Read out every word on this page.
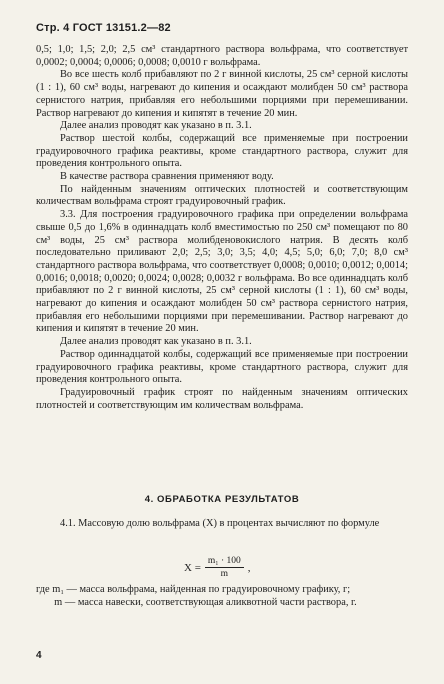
Стр. 4 ГОСТ 13151.2—82

0,5; 1,0; 1,5; 2,0; 2,5 см³ стандартного раствора вольфрама, что соответствует 0,0002; 0,0004; 0,0006; 0,0008; 0,0010 г вольфрама.

Во все шесть колб прибавляют по 2 г винной кислоты, 25 см³ серной кислоты (1 : 1), 60 см³ воды, нагревают до кипения и осаждают молибден 50 см³ раствора сернистого натрия, прибавляя его небольшими порциями при перемешивании. Раствор нагревают до кипения и кипятят в течение 20 мин.

Далее анализ проводят как указано в п. 3.1.

Раствор шестой колбы, содержащий все применяемые при построении градуировочного графика реактивы, кроме стандартного раствора, служит для проведения контрольного опыта.

В качестве раствора сравнения применяют воду.

По найденным значениям оптических плотностей и соответствующим количествам вольфрама строят градуировочный график.

3.3. Для построения градуировочного графика при определении вольфрама свыше 0,5 до 1,6% в одиннадцать колб вместимостью по 250 см³ помещают по 80 см³ воды, 25 см³ раствора молибденовокислого натрия. В десять колб последовательно приливают 2,0; 2,5; 3,0; 3,5; 4,0; 4,5; 5,0; 6,0; 7,0; 8,0 см³ стандартного раствора вольфрама, что соответствует 0,0008; 0,0010; 0,0012; 0,0014; 0,0016; 0,0018; 0,0020; 0,0024; 0,0028; 0,0032 г вольфрама. Во все одиннадцать колб прибавляют по 2 г винной кислоты, 25 см³ серной кислоты (1 : 1), 60 см³ воды, нагревают до кипения и осаждают молибден 50 см³ раствора сернистого натрия, прибавляя его небольшими порциями при перемешивании. Раствор нагревают до кипения и кипятят в течение 20 мин.

Далее анализ проводят как указано в п. 3.1.

Раствор одиннадцатой колбы, содержащий все применяемые при построении градуировочного графика реактивы, кроме стандартного раствора, служит для проведения контрольного опыта.

Градуировочный график строят по найденным значениям оптических плотностей и соответствующим им количествам вольфрама.

4. ОБРАБОТКА РЕЗУЛЬТАТОВ
4.1. Массовую долю вольфрама (X) в процентах вычисляют по формуле
$X = \frac{\text{m₁ · 100}}{m}$ ,
где m₁ — масса вольфрама, найденная по градуировочному графику, г;
m — масса навески, соответствующая аликвотной части раствора, г.
4
